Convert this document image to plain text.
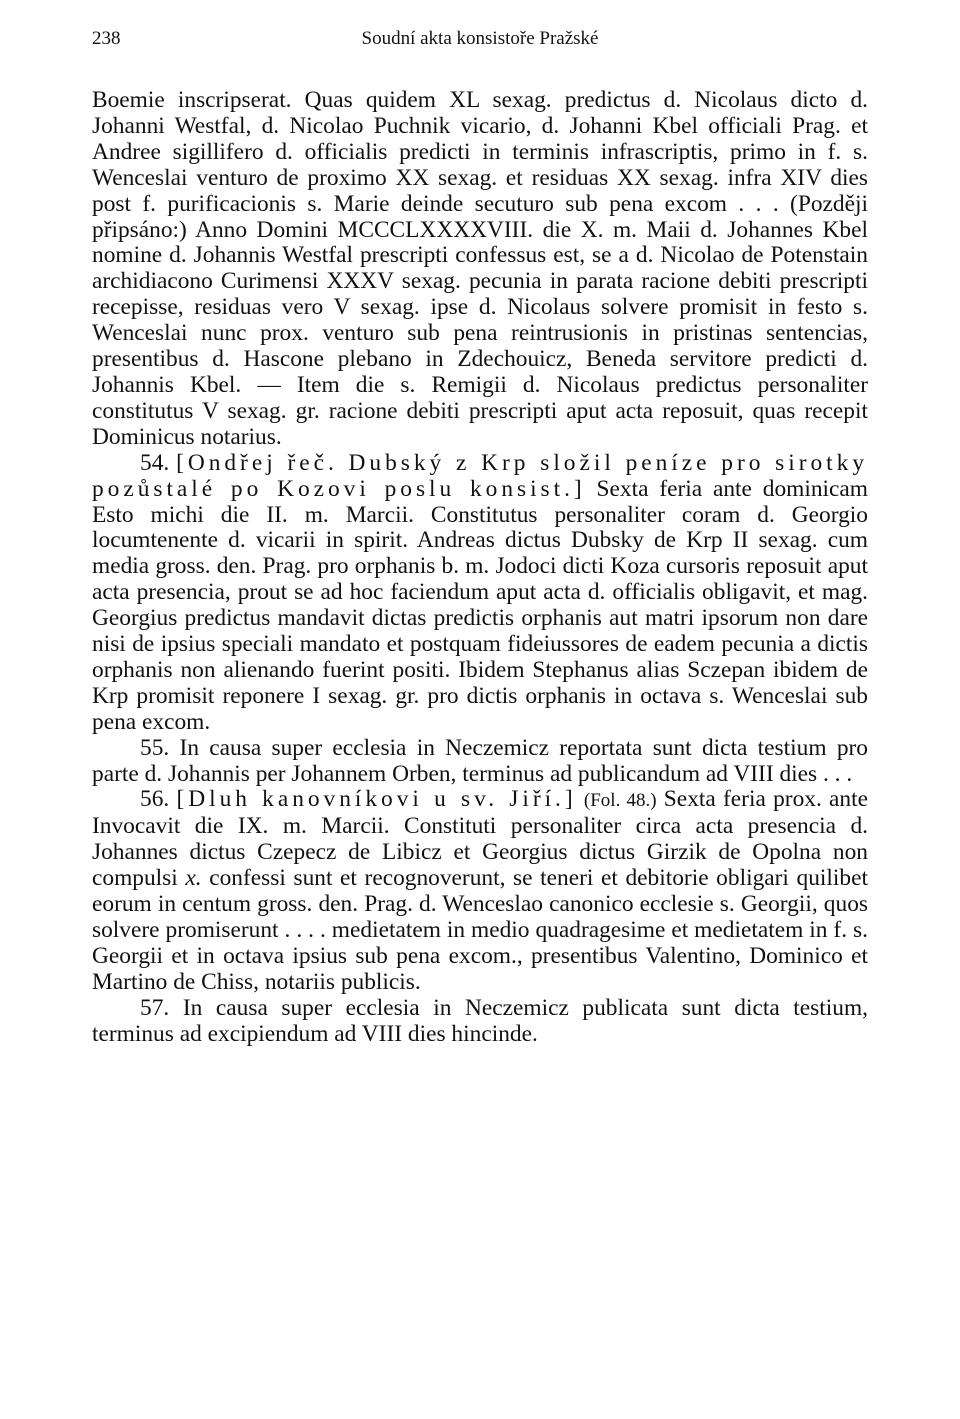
238	Soudní akta konsistoře Pražské

Boemie inscripserat. Quas quidem XL sexag. predictus d. Nicolaus dicto d. Johanni Westfal, d. Nicolao Puchnik vicario, d. Johanni Kbel officiali Prag. et Andree sigillifero d. officialis predicti in terminis infrascriptis, primo in f. s. Wenceslai venturo de proximo XX sexag. et residuas XX sexag. infra XIV dies post f. purificacionis s. Marie deinde secuturo sub pena excom . . . (Později připsáno:) Anno Domini MCCCLXXXXVIII. die X. m. Maii d. Johannes Kbel nomine d. Johannis Westfal prescripti confessus est, se a d. Nicolao de Potenstain archidiacono Curimensi XXXV sexag. pecunia in parata racione debiti prescripti recepisse, residuas vero V sexag. ipse d. Nicolaus solvere promisit in festo s. Wenceslai nunc prox. venturo sub pena reintrusionis in pristinas sentencias, presentibus d. Hascone plebano in Zdechouicz, Beneda servitore predicti d. Johannis Kbel. — Item die s. Remigii d. Nicolaus predictus personaliter constitutus V sexag. gr. racione debiti prescripti aput acta reposuit, quas recepit Dominicus notarius.

54. [Ondřej řeč. Dubský z Krp složil peníze pro sirotky pozůstalé po Kozovi poslu konsist.] Sexta feria ante dominicam Esto michi die II. m. Marcii. Constitutus personaliter coram d. Georgio locumtenente d. vicarii in spirit. Andreas dictus Dubsky de Krp II sexag. cum media gross. den. Prag. pro orphanis b. m. Jodoci dicti Koza cursoris reposuit aput acta presencia, prout se ad hoc faciendum aput acta d. officialis obligavit, et mag. Georgius predictus mandavit dictas predictis orphanis aut matri ipsorum non dare nisi de ipsius speciali mandato et postquam fideiussores de eadem pecunia a dictis orphanis non alienando fuerint positi. Ibidem Stephanus alias Sczepan ibidem de Krp promisit reponere I sexag. gr. pro dictis orphanis in octava s. Wenceslai sub pena excom.

55. In causa super ecclesia in Neczemicz reportata sunt dicta testium pro parte d. Johannis per Johannem Orben, terminus ad publicandum ad VIII dies . . .

56. [Dluh kanovníkovi u sv. Jiří.] (Fol. 48.) Sexta feria prox. ante Invocavit die IX. m. Marcii. Constituti personaliter circa acta presencia d. Johannes dictus Czepecz de Libicz et Georgius dictus Girzik de Opolna non compulsi x. confessi sunt et recognoverunt, se teneri et debitorie obligari quilibet eorum in centum gross. den. Prag. d. Wenceslao canonico ecclesie s. Georgii, quos solvere promiserunt . . . . medietatem in medio quadragesime et medietatem in f. s. Georgii et in octava ipsius sub pena excom., presentibus Valentino, Dominico et Martino de Chiss, notariis publicis.

57. In causa super ecclesia in Neczemicz publicata sunt dicta testium, terminus ad excipiendum ad VIII dies hincinde.
